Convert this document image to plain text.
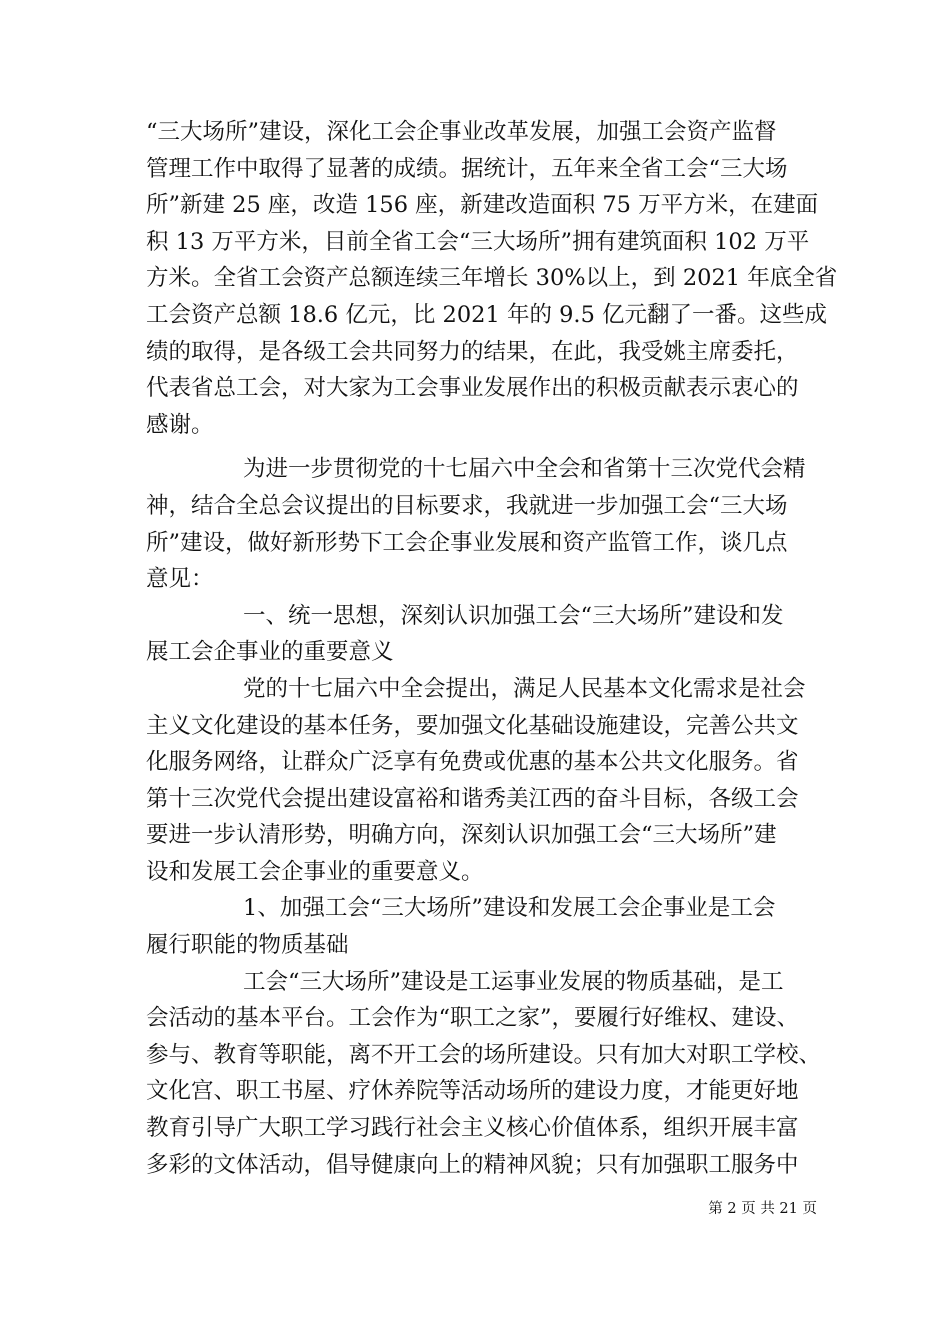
“三大场所”建设，深化工会企事业改革发展，加强工会资产监督
管理工作中取得了显著的成绩。据统计，五年来全省工会“三大场
所”新建 25 座，改造 156 座，新建改造面积 75 万平方米，在建面
积 13 万平方米，目前全省工会“三大场所”拥有建筑面积 102 万平
方米。全省工会资产总额连续三年增长 30%以上，到 2021 年底全省
工会资产总额 18.6 亿元，比 2021 年的 9.5 亿元翻了一番。这些成
绩的取得，是各级工会共同努力的结果，在此，我受姚主席委托，
代表省总工会，对大家为工会事业发展作出的积极贡献表示衷心的
感谢。
为进一步贯彻党的十七届六中全会和省第十三次党代会精
神，结合全总会议提出的目标要求，我就进一步加强工会“三大场
所”建设，做好新形势下工会企事业发展和资产监管工作，谈几点
意见：
一、统一思想，深刻认识加强工会“三大场所”建设和发
展工会企事业的重要意义
党的十七届六中全会提出，满足人民基本文化需求是社会
主义文化建设的基本任务，要加强文化基础设施建设，完善公共文
化服务网络，让群众广泛享有免费或优惠的基本公共文化服务。省
第十三次党代会提出建设富裕和谐秀美江西的奋斗目标，各级工会
要进一步认清形势，明确方向，深刻认识加强工会“三大场所”建
设和发展工会企事业的重要意义。
1、加强工会“三大场所”建设和发展工会企事业是工会
履行职能的物质基础
工会“三大场所”建设是工运事业发展的物质基础，是工
会活动的基本平台。工会作为“职工之家”，要履行好维权、建设、
参与、教育等职能，离不开工会的场所建设。只有加大对职工学校、
文化宫、职工书屋、疗休养院等活动场所的建设力度，才能更好地
教育引导广大职工学习践行社会主义核心价值体系，组织开展丰富
多彩的文体活动，倡导健康向上的精神风貌；只有加强职工服务中
第 2 页 共 21 页
